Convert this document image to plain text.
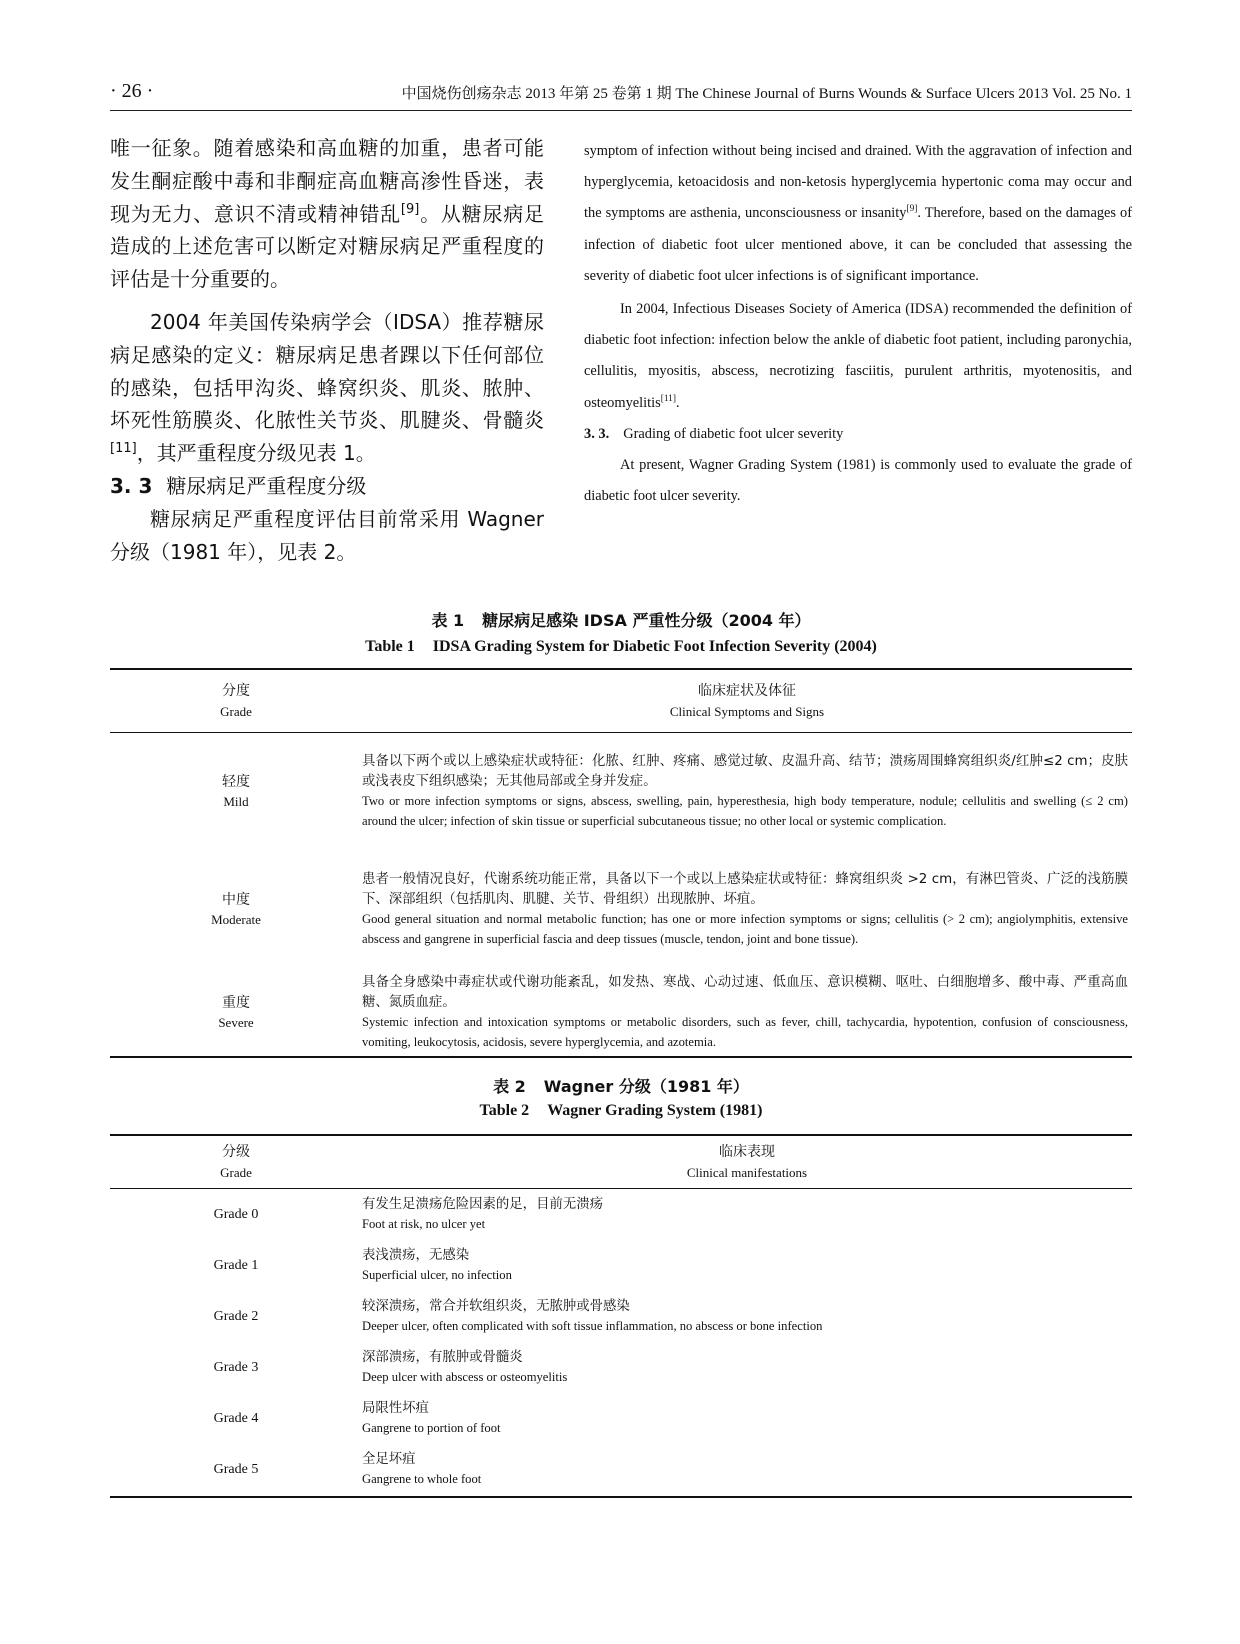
· 26 ·	中国烧伤创疡杂志 2013 年第 25 卷第 1 期 The Chinese Journal of Burns Wounds & Surface Ulcers 2013 Vol. 25 No. 1

唯一征象。随着感染和高血糖的加重，患者可能发生酮症酸中毒和非酮症高血糖高渗性昏迷，表现为无力、意识不清或精神错乱[9]。从糖尿病足造成的上述危害可以断定对糖尿病足严重程度的评估是十分重要的。

2004 年美国传染病学会（IDSA）推荐糖尿病足感染的定义：糖尿病足患者踝以下任何部位的感染，包括甲沟炎、蜂窝织炎、肌炎、脓肿、坏死性筋膜炎、化脓性关节炎、肌腱炎、骨髓炎[11]，其严重程度分级见表 1。

3. 3 糖尿病足严重程度分级

糖尿病足严重程度评估目前常采用 Wagner 分级（1981 年），见表 2。

symptom of infection without being incised and drained. With the aggravation of infection and hyperglycemia, ketoacidosis and non-ketosis hyperglycemia hypertonic coma may occur and the symptoms are asthenia, unconsciousness or insanity[9]. Therefore, based on the damages of infection of diabetic foot ulcer mentioned above, it can be concluded that assessing the severity of diabetic foot ulcer infections is of significant importance.

In 2004, Infectious Diseases Society of America (IDSA) recommended the definition of diabetic foot infection: infection below the ankle of diabetic foot patient, including paronychia, cellulitis, myositis, abscess, necrotizing fasciitis, purulent arthritis, myotenositis, and osteomyelitis[11].

3. 3. Grading of diabetic foot ulcer severity

At present, Wagner Grading System (1981) is commonly used to evaluate the grade of diabetic foot ulcer severity.

表 1 糖尿病足感染 IDSA 严重性分级（2004 年）
Table 1 IDSA Grading System for Diabetic Foot Infection Severity (2004)
分度
Grade
临床症状及体征
Clinical Symptoms and Signs
轻度
Mild
具备以下两个或以上感染症状或特征：化脓、红肿、疼痛、感觉过敏、皮温升高、结节；溃疡周围蜂窝组织炎/红肿≤2 cm；皮肤或浅表皮下组织感染；无其他局部或全身并发症。
Two or more infection symptoms or signs, abscess, swelling, pain, hyperesthesia, high body temperature, nodule; cellulitis and swelling (≤ 2 cm) around the ulcer; infection of skin tissue or superficial subcutaneous tissue; no other local or systemic complication.
中度
Moderate
患者一般情况良好，代谢系统功能正常，具备以下一个或以上感染症状或特征：蜂窝组织炎 >2 cm，有淋巴管炎、广泛的浅筋膜下、深部组织（包括肌肉、肌腱、关节、骨组织）出现脓肿、坏疽。
Good general situation and normal metabolic function; has one or more infection symptoms or signs; cellulitis (> 2 cm); angiolymphitis, extensive abscess and gangrene in superficial fascia and deep tissues (muscle, tendon, joint and bone tissue).
重度
Severe
具备全身感染中毒症状或代谢功能紊乱，如发热、寒战、心动过速、低血压、意识模糊、呕吐、白细胞增多、酸中毒、严重高血糖、氮质血症。
Systemic infection and intoxication symptoms or metabolic disorders, such as fever, chill, tachycardia, hypotention, confusion of consciousness, vomiting, leukocytosis, acidosis, severe hyperglycemia, and azotemia.
表 2 Wagner 分级（1981 年）
Table 2 Wagner Grading System (1981)
分级
Grade
临床表现
Clinical manifestations
Grade 0
有发生足溃疡危险因素的足，目前无溃疡
Foot at risk, no ulcer yet
Grade 1
表浅溃疡，无感染
Superficial ulcer, no infection
Grade 2
较深溃疡，常合并软组织炎，无脓肿或骨感染
Deeper ulcer, often complicated with soft tissue inflammation, no abscess or bone infection
Grade 3
深部溃疡，有脓肿或骨髓炎
Deep ulcer with abscess or osteomyelitis
Grade 4
局限性坏疽
Gangrene to portion of foot
Grade 5
全足坏疽
Gangrene to whole foot
